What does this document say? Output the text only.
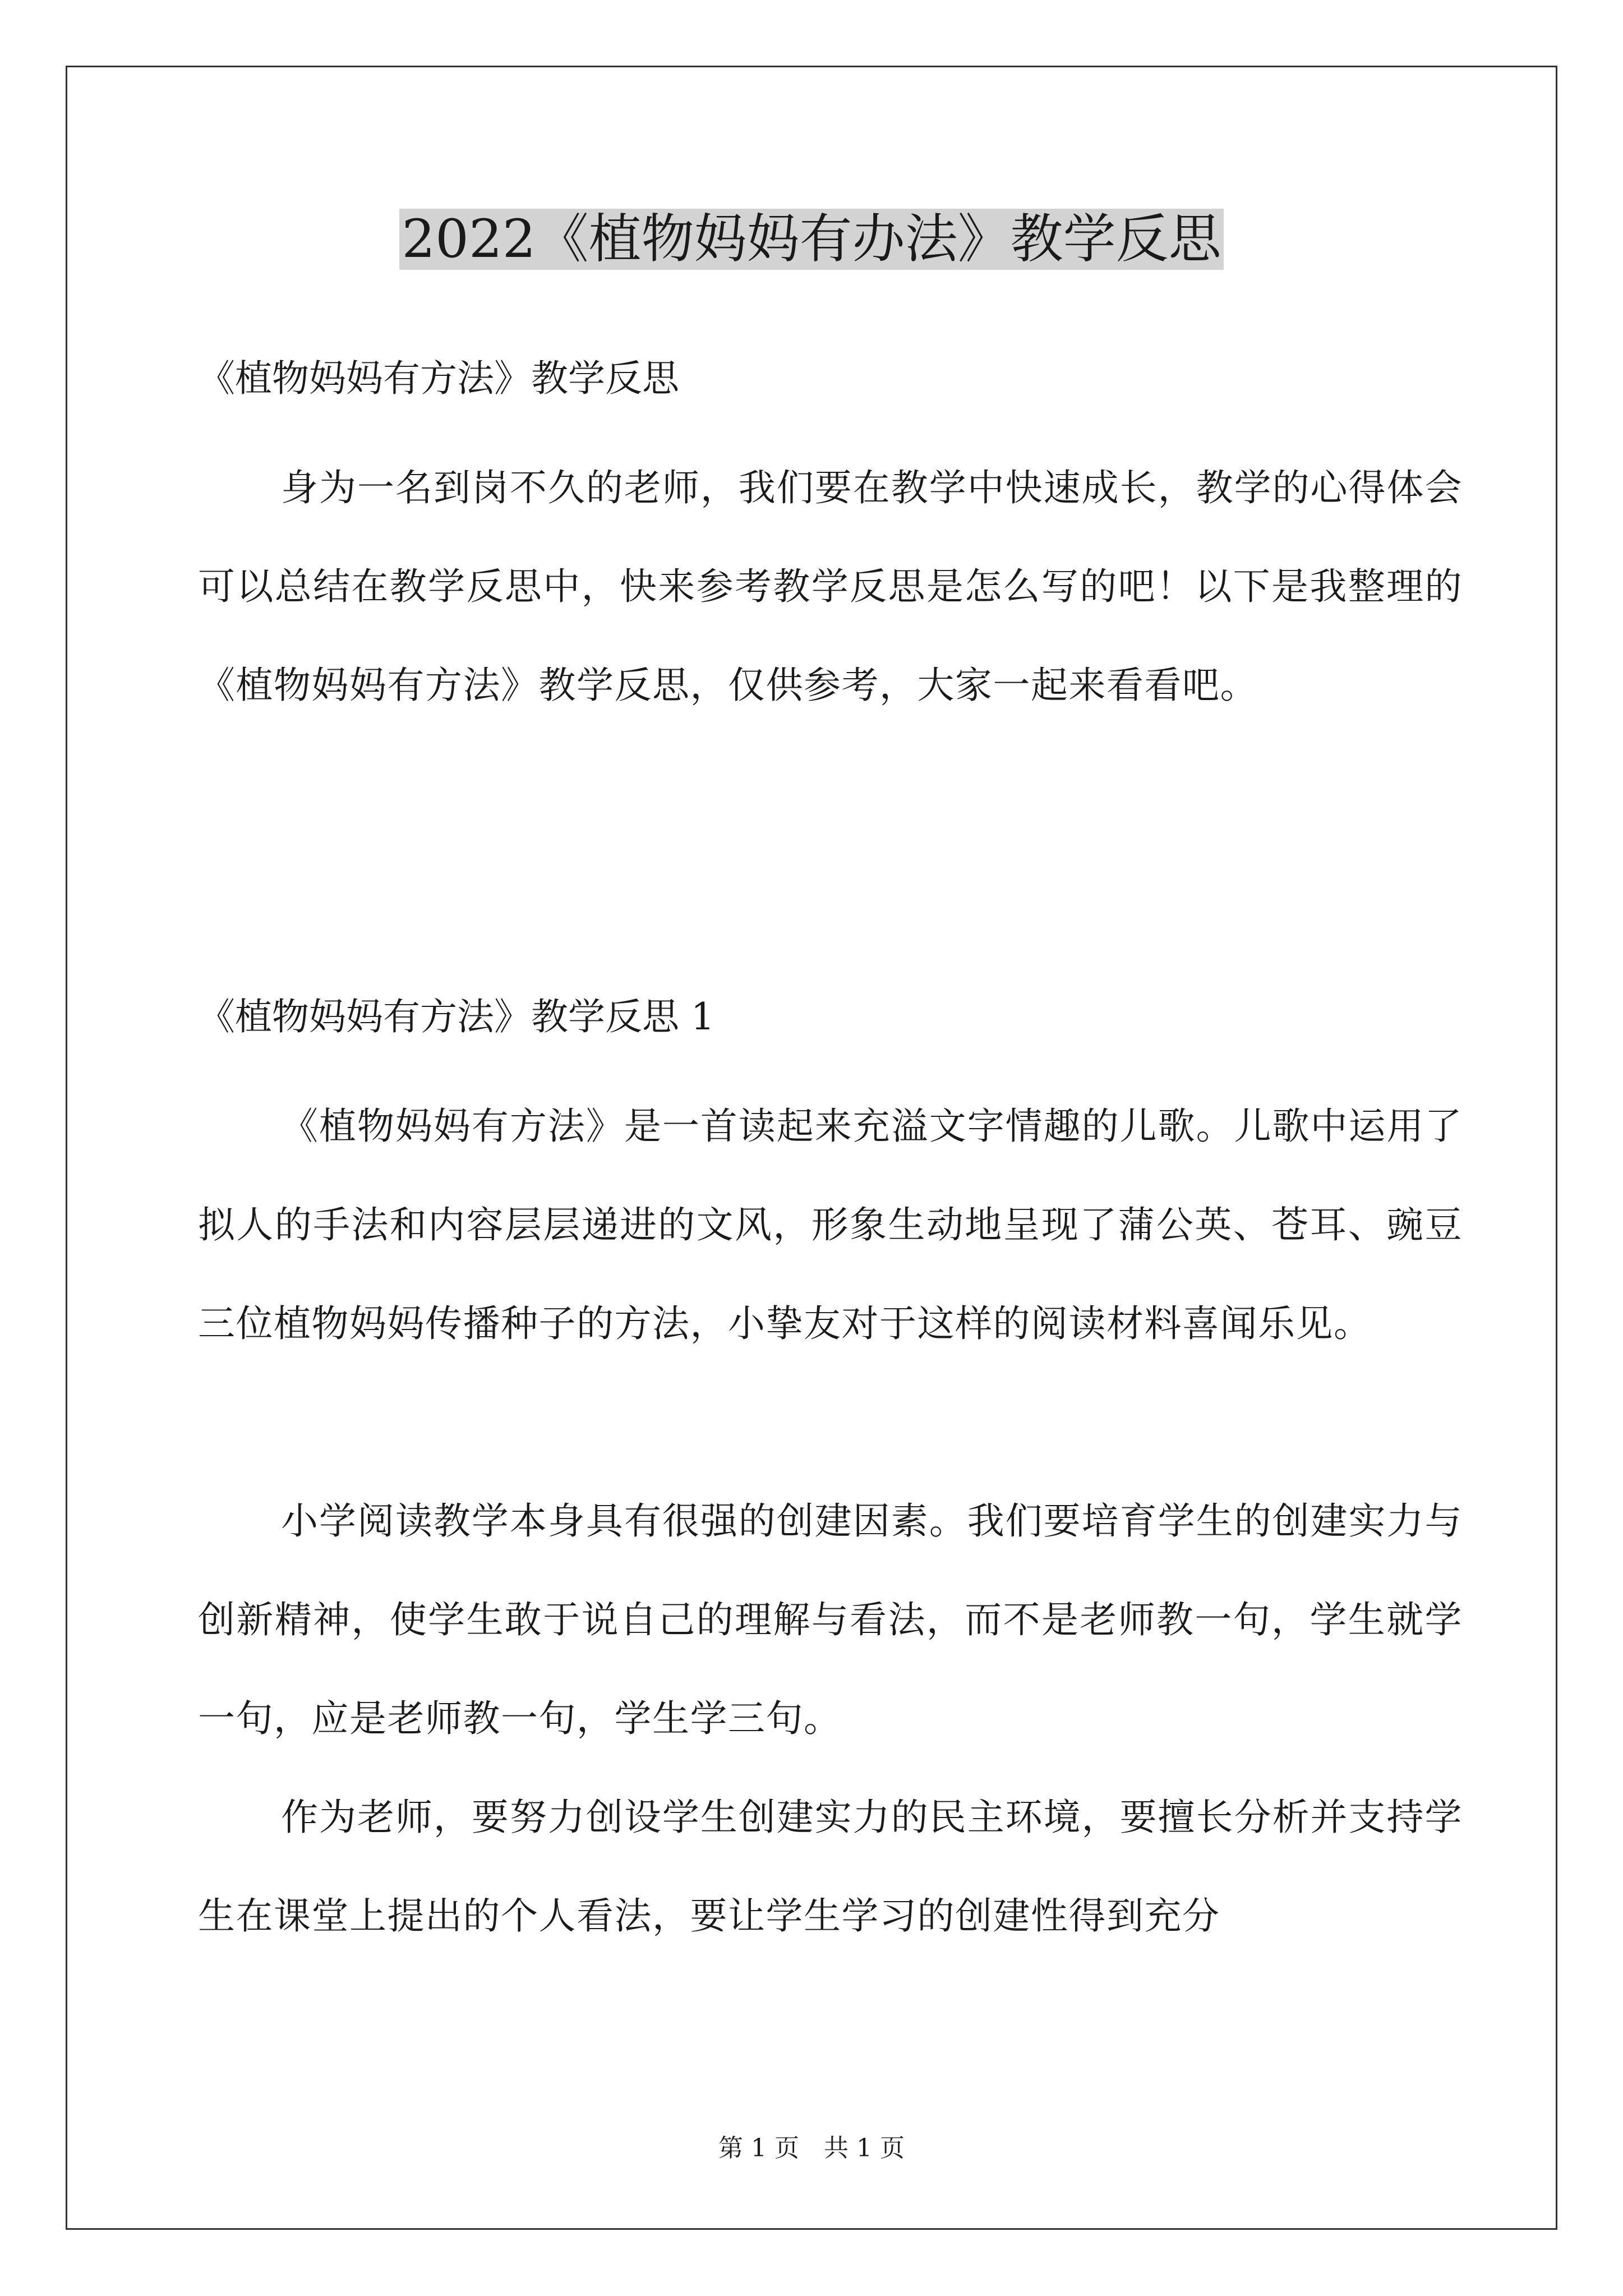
2022《植物妈妈有办法》教学反思

《植物妈妈有方法》教学反思

身为一名到岗不久的老师，我们要在教学中快速成长，教学的心得体会可以总结在教学反思中，快来参考教学反思是怎么写的吧！以下是我整理的《植物妈妈有方法》教学反思，仅供参考，大家一起来看看吧。

《植物妈妈有方法》教学反思 1

《植物妈妈有方法》是一首读起来充溢文字情趣的儿歌。儿歌中运用了拟人的手法和内容层层递进的文风，形象生动地呈现了蒲公英、苍耳、豌豆三位植物妈妈传播种子的方法，小挚友对于这样的阅读材料喜闻乐见。

小学阅读教学本身具有很强的创建因素。我们要培育学生的创建实力与创新精神，使学生敢于说自己的理解与看法，而不是老师教一句，学生就学一句，应是老师教一句，学生学三句。

作为老师，要努力创设学生创建实力的民主环境，要擅长分析并支持学生在课堂上提出的个人看法，要让学生学习的创建性得到充分

第 1 页　共 1 页
